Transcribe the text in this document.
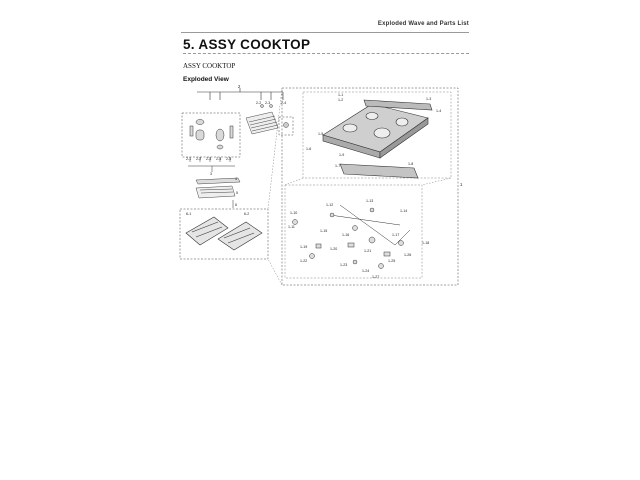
Exploded Wave and Parts List
5. ASSY COOKTOP
ASSY COOKTOP
Exploded View
2
2-1 2-2 2-3 2-4 2-5
3
2-2 2-3	2-4
4
5
6
6-1	6-2
1
1-1
1-2	1-3
1-4
1-5
1-6
1-7	1-8
1-9
1-10
1-11
1-12
1-13
1-14
1-15
1-16	1-17
1-18
1-19	1-20	1-21
1-22
1-23
1-24
1-25
1-26
1-27
